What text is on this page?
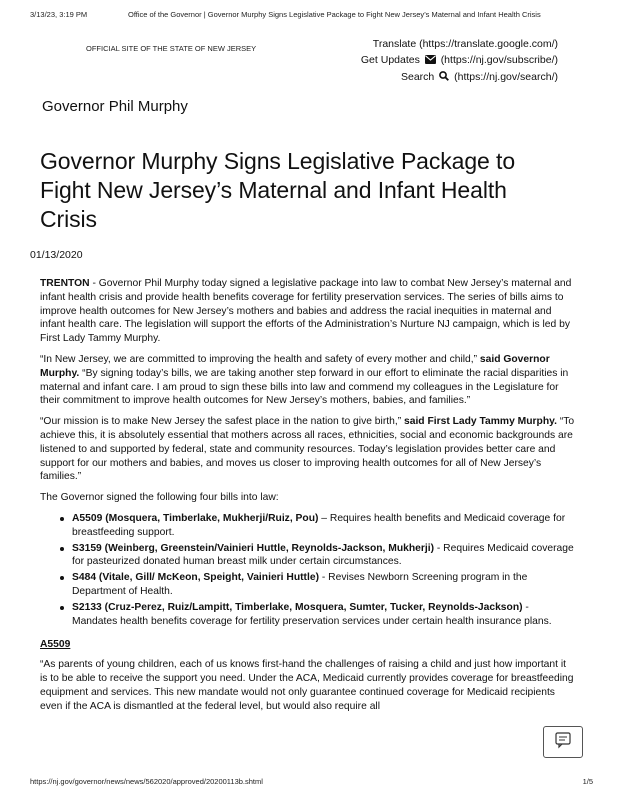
3/13/23, 3:19 PM	Office of the Governor | Governor Murphy Signs Legislative Package to Fight New Jersey’s Maternal and Infant Health Crisis
OFFICIAL SITE OF THE STATE OF NEW JERSEY	Translate (https://translate.google.com/)
Get Updates (https://nj.gov/subscribe/)
Search (https://nj.gov/search/)
Governor Phil Murphy
Governor Murphy Signs Legislative Package to Fight New Jersey’s Maternal and Infant Health Crisis
01/13/2020

TRENTON - Governor Phil Murphy today signed a legislative package into law to combat New Jersey’s maternal and infant health crisis and provide health benefits coverage for fertility preservation services. The series of bills aims to improve health outcomes for New Jersey’s mothers and babies and address the racial inequities in maternal and infant health care. The legislation will support the efforts of the Administration’s Nurture NJ campaign, which is led by First Lady Tammy Murphy.

“In New Jersey, we are committed to improving the health and safety of every mother and child,” said Governor Murphy. “By signing today’s bills, we are taking another step forward in our effort to eliminate the racial disparities in maternal and infant care. I am proud to sign these bills into law and commend my colleagues in the Legislature for their commitment to improve health outcomes for New Jersey’s mothers, babies, and families.”

“Our mission is to make New Jersey the safest place in the nation to give birth,” said First Lady Tammy Murphy. “To achieve this, it is absolutely essential that mothers across all races, ethnicities, social and economic backgrounds are listened to and supported by federal, state and community resources. Today’s legislation provides better care and support for our mothers and babies, and moves us closer to improving health outcomes for all of New Jersey’s families.”

The Governor signed the following four bills into law:

A5509 (Mosquera, Timberlake, Mukherji/Ruiz, Pou) – Requires health benefits and Medicaid coverage for breastfeeding support.
S3159 (Weinberg, Greenstein/Vainieri Huttle, Reynolds-Jackson, Mukherji) - Requires Medicaid coverage for pasteurized donated human breast milk under certain circumstances.
S484 (Vitale, Gill/ McKeon, Speight, Vainieri Huttle) - Revises Newborn Screening program in the Department of Health.
S2133 (Cruz-Perez, Ruiz/Lampitt, Timberlake, Mosquera, Sumter, Tucker, Reynolds-Jackson) - Mandates health benefits coverage for fertility preservation services under certain health insurance plans.
A5509

“As parents of young children, each of us knows first-hand the challenges of raising a child and just how important it is to be able to receive the support you need. Under the ACA, Medicaid currently provides coverage for breastfeeding equipment and services. This new mandate would not only guarantee continued coverage for Medicaid recipients even if the ACA is dismantled at the federal level, but would also require all

https://nj.gov/governor/news/news/562020/approved/20200113b.shtml	1/5
